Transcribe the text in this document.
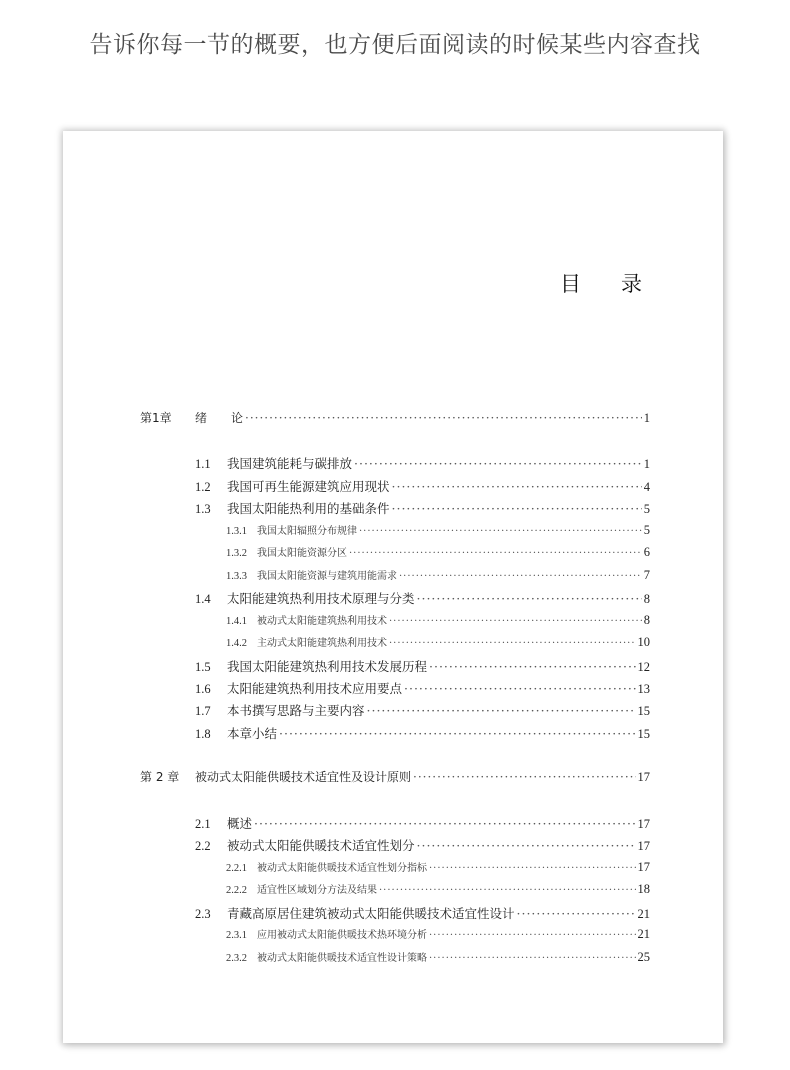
告诉你每一节的概要，也方便后面阅读的时候某些内容查找
目 录
第1章	绪　　论 ·····	1
1.1	我国建筑能耗与碳排放 ·····	1
1.2	我国可再生能源建筑应用现状 ·····	4
1.3	我国太阳能热利用的基础条件 ·····	5
1.3.1	我国太阳辐照分布规律 ·····	5
1.3.2	我国太阳能资源分区 ·····	6
1.3.3	我国太阳能资源与建筑用能需求 ·····	7
1.4	太阳能建筑热利用技术原理与分类 ·····	8
1.4.1	被动式太阳能建筑热利用技术 ·····	8
1.4.2	主动式太阳能建筑热利用技术 ·····	10
1.5	我国太阳能建筑热利用技术发展历程 ·····	12
1.6	太阳能建筑热利用技术应用要点 ·····	13
1.7	本书撰写思路与主要内容 ·····	15
1.8	本章小结 ·····	15
第 2 章	被动式太阳能供暖技术适宜性及设计原则 ·····	17
2.1	概述 ·····	17
2.2	被动式太阳能供暖技术适宜性划分 ·····	17
2.2.1	被动式太阳能供暖技术适宜性划分指标 ·····	17
2.2.2	适宜性区域划分方法及结果 ·····	18
2.3	青藏高原居住建筑被动式太阳能供暖技术适宜性设计 ·····	21
2.3.1	应用被动式太阳能供暖技术热环境分析 ·····	21
2.3.2	被动式太阳能供暖技术适宜性设计策略 ·····	25
